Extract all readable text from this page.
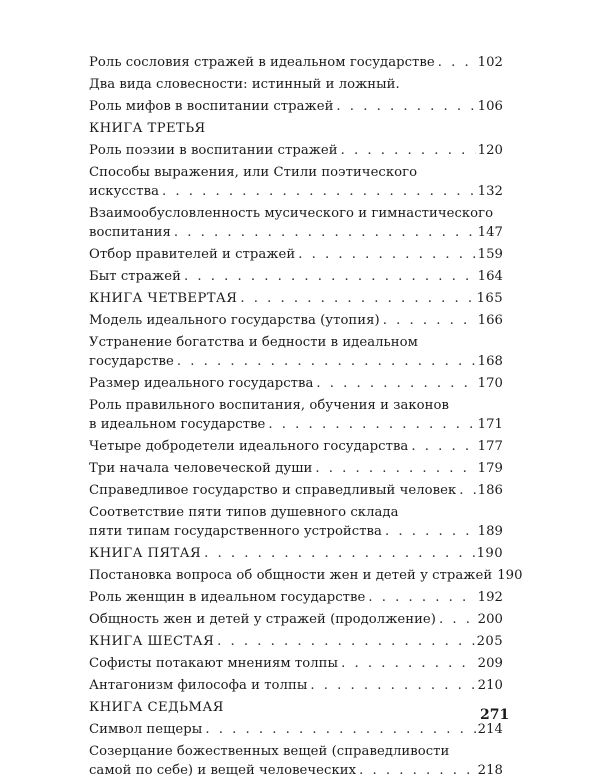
Роль сословия стражей в идеальном государстве . . .	102
Два вида словесности: истинный и ложный.
Роль мифов в воспитании стражей . . .	106
КНИГА ТРЕТЬЯ
Роль поэзии в воспитании стражей . . .	120
Способы выражения, или Стили поэтического
искусства . . .	132
Взаимообусловленность мусического и гимнастического
воспитания . . .	147
Отбор правителей и стражей . . .	159
Быт стражей . . .	164
КНИГА ЧЕТВЕРТАЯ . . .	165
Модель идеального государства (утопия) . . .	166
Устранение богатства и бедности в идеальном
государстве . . .	168
Размер идеального государства . . .	170
Роль правильного воспитания, обучения и законов
в идеальном государстве . . .	171
Четыре добродетели идеального государства . . .	177
Три начала человеческой души . . .	179
Справедливое государство и справедливый человек . . . 186
Соответствие пяти типов душевного склада
пяти типам государственного устройства . . .	189
КНИГА ПЯТАЯ . . .	190
Постановка вопроса об общности жен и детей у стражей 190
Роль женщин в идеальном государстве . . .	192
Общность жен и детей у стражей (продолжение) . . .	200
КНИГА ШЕСТАЯ . . .	205
Софисты потакают мнениям толпы . . .	209
Антагонизм философа и толпы . . .	210
КНИГА СЕДЬМАЯ
Символ пещеры . . .	214
Созерцание божественных вещей (справедливости
самой по себе) и вещей человеческих . . .	218
271
